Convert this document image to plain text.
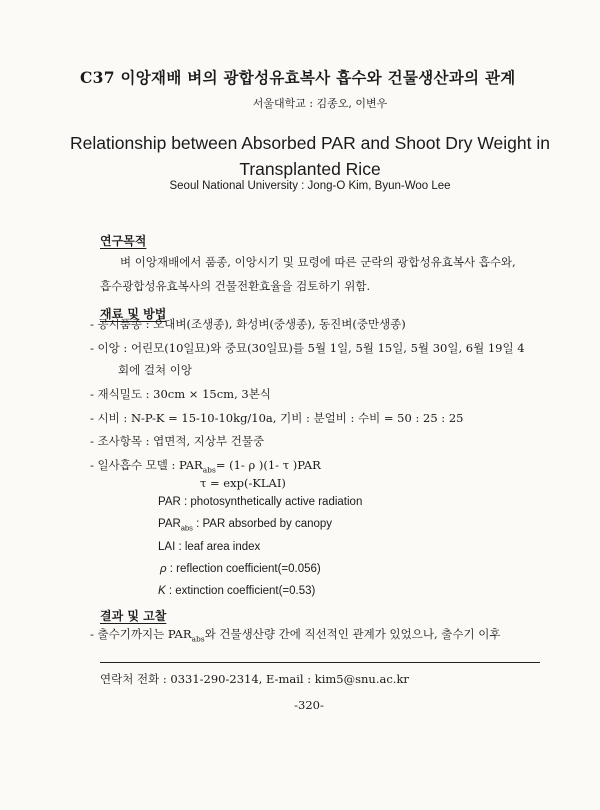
C37 이앙재배 벼의 광합성유효복사 흡수와 건물생산과의 관계
서울대학교 : 김종오, 이변우
Relationship between Absorbed PAR and Shoot Dry Weight in
Transplanted Rice
Seoul National University : Jong-O Kim, Byun-Woo Lee
연구목적
벼 이앙재배에서 품종, 이앙시기 및 묘령에 따른 군락의 광합성유효복사 흡수와,
흡수광합성유효복사의 건물전환효율을 검토하기 위함.
재료 및 방법
- 공시품종 : 오대벼(조생종), 화성벼(중생종), 동진벼(중만생종)
- 이앙 : 어린모(10일묘)와 중묘(30일묘)를 5월 1일, 5월 15일, 5월 30일, 6월 19일 4
회에 걸쳐 이앙
- 재식밀도 : 30cm × 15cm, 3본식
- 시비 : N-P-K = 15-10-10kg/10a, 기비 : 분얼비 : 수비 = 50 : 25 : 25
- 조사항목 : 엽면적, 지상부 건물중
- 일사흡수 모델 : $PAR_{abs}= (1-$ ρ )(1- τ )PAR
τ = exp(-KLAI)
PAR : photosynthetically active radiation
$PAR_{abs}$ : PAR absorbed by canopy
LAI : leaf area index
ρ : reflection coefficient(=0.056)
K : extinction coefficient(=0.53)
연락처 전화 : 0331-290-2314, E-mail : kim5@snu.ac.kr
-320-
결과 및 고찰
- 출수기까지는 $PAR_{abs}$와 건물생산량 간에 직선적인 관계가 있었으나, 출수기 이후
